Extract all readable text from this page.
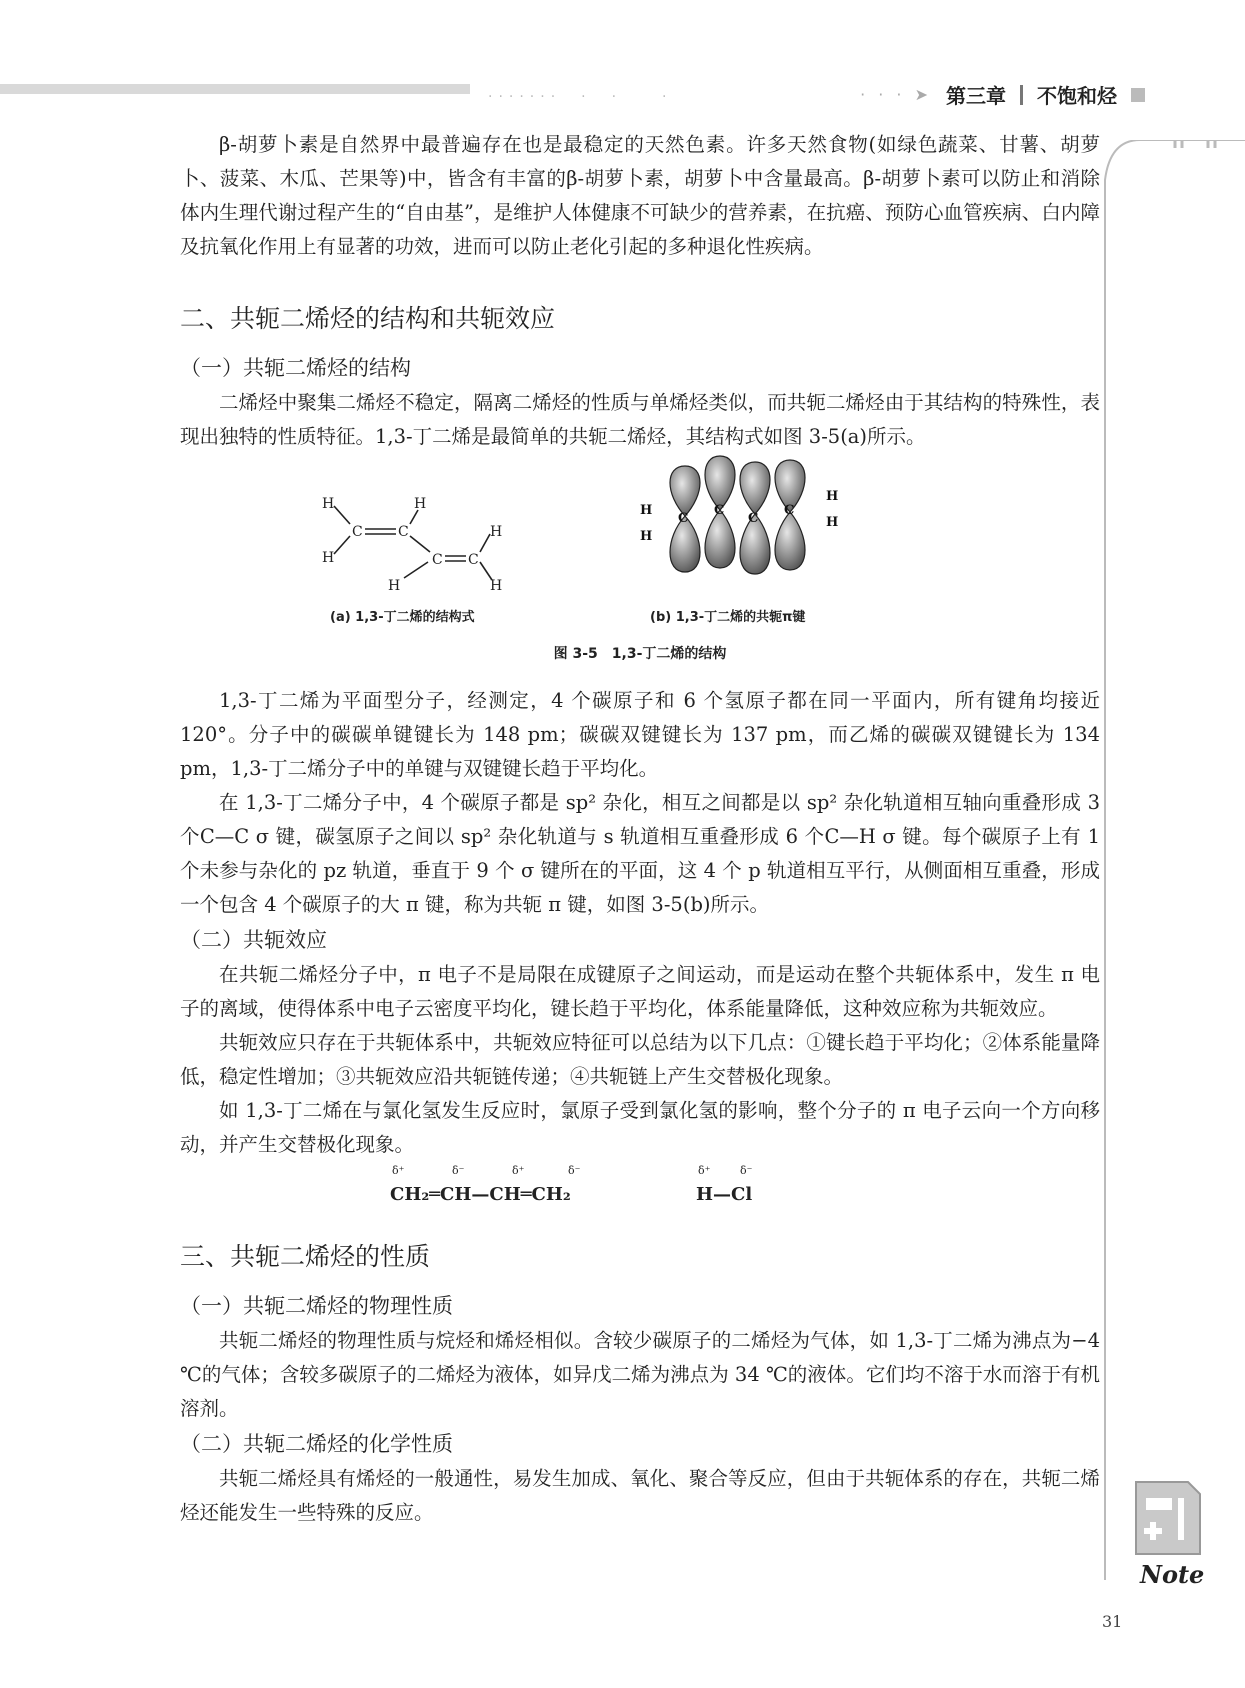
·······　·　·　　·	· · · ➤ 第三章 不饱和烃
Note

β-胡萝卜素是自然界中最普遍存在也是最稳定的天然色素。许多天然食物(如绿色蔬菜、甘薯、胡萝卜、菠菜、木瓜、芒果等)中，皆含有丰富的β-胡萝卜素，胡萝卜中含量最高。β-胡萝卜素可以防止和消除体内生理代谢过程产生的“自由基”，是维护人体健康不可缺少的营养素，在抗癌、预防心血管疾病、白内障及抗氧化作用上有显著的功效，进而可以防止老化引起的多种退化性疾病。

二、共轭二烯烃的结构和共轭效应
（一）共轭二烯烃的结构

二烯烃中聚集二烯烃不稳定，隔离二烯烃的性质与单烯烃类似，而共轭二烯烃由于其结构的特殊性，表现出独特的性质特征。1,3-丁二烯是最简单的共轭二烯烃，其结构式如图 3-5(a)所示。

H
H
C	C
H
H
C C
H
H
H
H
C
C
C
C
H
H
(a) 1,3-丁二烯的结构式	(b) 1,3-丁二烯的共轭π键
图 3-5　1,3-丁二烯的结构

1,3-丁二烯为平面型分子，经测定，4 个碳原子和 6 个氢原子都在同一平面内，所有键角均接近 120°。分子中的碳碳单键键长为 148 pm；碳碳双键键长为 137 pm，而乙烯的碳碳双键键长为 134 pm，1,3-丁二烯分子中的单键与双键键长趋于平均化。

在 1,3-丁二烯分子中，4 个碳原子都是 sp² 杂化，相互之间都是以 sp² 杂化轨道相互轴向重叠形成 3 个C—C σ 键，碳氢原子之间以 sp² 杂化轨道与 s 轨道相互重叠形成 6 个C—H σ 键。每个碳原子上有 1 个未参与杂化的 pz 轨道，垂直于 9 个 σ 键所在的平面，这 4 个 p 轨道相互平行，从侧面相互重叠，形成一个包含 4 个碳原子的大 π 键，称为共轭 π 键，如图 3-5(b)所示。

（二）共轭效应

在共轭二烯烃分子中，π 电子不是局限在成键原子之间运动，而是运动在整个共轭体系中，发生 π 电子的离域，使得体系中电子云密度平均化，键长趋于平均化，体系能量降低，这种效应称为共轭效应。

共轭效应只存在于共轭体系中，共轭效应特征可以总结为以下几点：①键长趋于平均化；②体系能量降低，稳定性增加；③共轭效应沿共轭链传递；④共轭链上产生交替极化现象。

如 1,3-丁二烯在与氯化氢发生反应时，氯原子受到氯化氢的影响，整个分子的 π 电子云向一个方向移动，并产生交替极化现象。

δ⁺	δ⁻	δ⁺	δ⁻
CH₂═CH—CH═CH₂
δ⁺	δ⁻
H—Cl
三、共轭二烯烃的性质
（一）共轭二烯烃的物理性质

共轭二烯烃的物理性质与烷烃和烯烃相似。含较少碳原子的二烯烃为气体，如 1,3-丁二烯为沸点为−4 ℃的气体；含较多碳原子的二烯烃为液体，如异戊二烯为沸点为 34 ℃的液体。它们均不溶于水而溶于有机溶剂。

（二）共轭二烯烃的化学性质

共轭二烯烃具有烯烃的一般通性，易发生加成、氧化、聚合等反应，但由于共轭体系的存在，共轭二烯烃还能发生一些特殊的反应。

31
